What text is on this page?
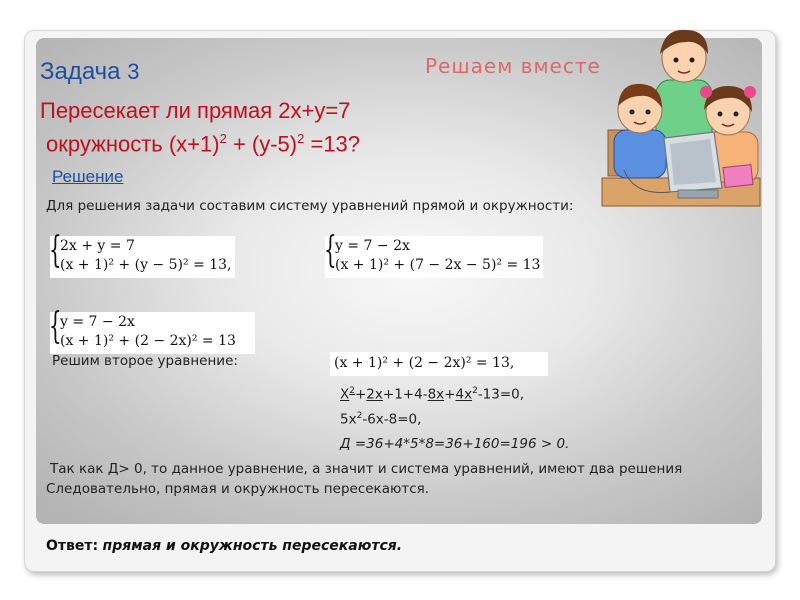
Задача 3	Решаем вместе
Пересекает ли прямая 2х+у=7
окружность $(х+1)^2 + (у-5)^2 =13$?
Решение
Для решения задачи составим систему уравнений прямой и окружности:
{
2x + y = 7
(x + 1)² + (y − 5)² = 13,	{
y = 7 − 2x
(x + 1)² + (7 − 2x − 5)² = 13
{
y = 7 − 2x
(x + 1)² + (2 − 2x)² = 13
Решим второе уравнение:	(x + 1)² + (2 − 2x)² = 13,
$Х^2+2х+1+4-8х+4х^2-13=0$,
$5х^2-6х-8=0$,
Д =36+4*5*8=36+160=196 > 0.
Так как Д> 0, то данное уравнение, а значит и система уравнений, имеют два решения
Следовательно, прямая и окружность пересекаются.
Ответ: прямая и окружность пересекаются.
